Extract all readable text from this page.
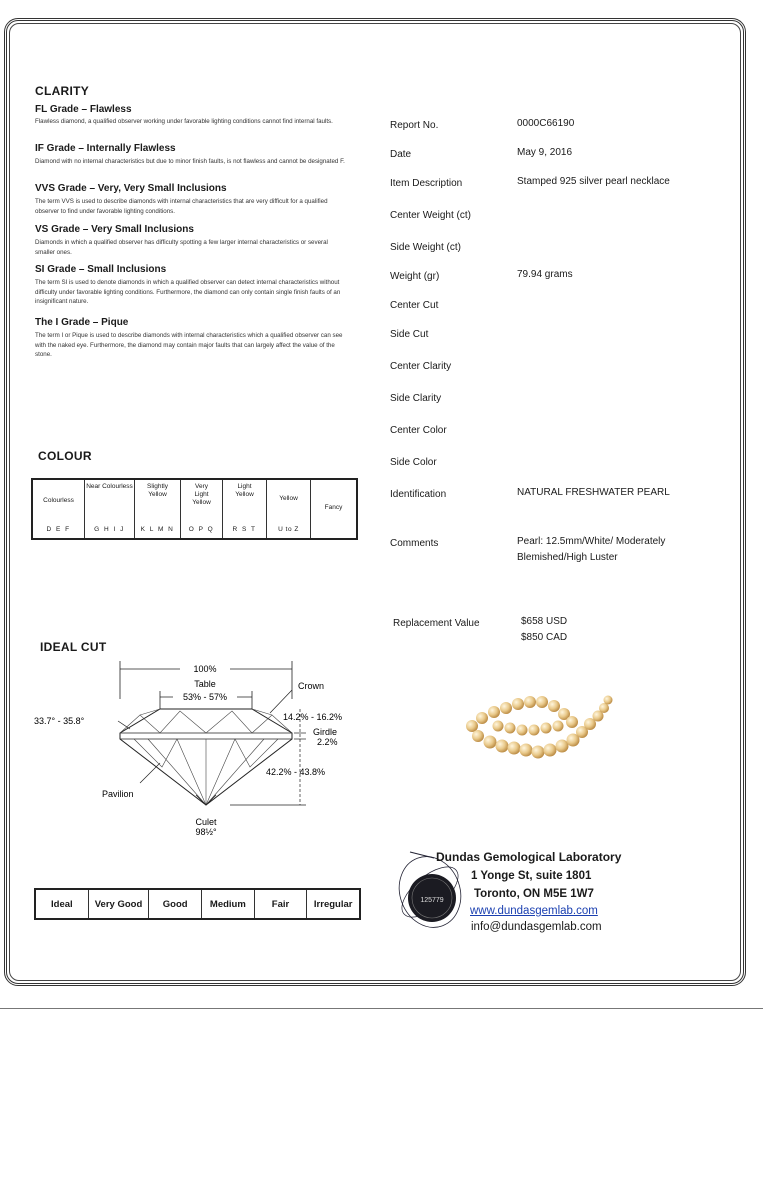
CLARITY
FL Grade – Flawless
Flawless diamond, a qualified observer working under favorable lighting conditions cannot find internal faults.
IF Grade – Internally Flawless
Diamond with no internal characteristics but due to minor finish faults, is not flawless and cannot be designated F.
VVS Grade – Very, Very Small Inclusions
The term VVS is used to describe diamonds with internal characteristics that are very difficult for a qualified observer to find under favorable lighting conditions.
VS Grade – Very Small Inclusions
Diamonds in which a qualified observer has difficulty spotting a few larger internal characteristics or several smaller ones.
SI Grade – Small Inclusions
The term SI is used to denote diamonds in which a qualified observer can detect internal characteristics without difficulty under favorable lighting conditions. Furthermore, the diamond can only contain single finish faults of an insignificant nature.
The I Grade – Pique
The term I or Pique is used to describe diamonds with internal characteristics which a qualified observer can see with the naked eye. Furthermore, the diamond may contain major faults that can largely affect the value of the stone.
COLOUR
Colourless
D E F
Near Colourless
G H I J
Slightly Yellow
K L M N
Very Light Yellow
O P Q
Light Yellow
R S T
Yellow
U to Z
Fancy
IDEAL CUT
100%
Table
53% - 57%
Crown
33.7° - 35.8°	14.2% - 16.2%
Girdle
2.2%
42.2% - 43.8%
Pavilion
Culet
98½°
Ideal	Very Good	Good	Medium	Fair	Irregular
Report No.	0000C66190
Date	May 9, 2016
Item Description	Stamped 925 silver pearl necklace
Center Weight (ct)
Side Weight (ct)
Weight (gr)	79.94 grams
Center Cut
Side Cut
Center Clarity
Side Clarity
Center Color
Side Color
Identification	NATURAL FRESHWATER PEARL
Comments	Pearl: 12.5mm/White/ Moderately Blemished/High Luster
Replacement Value	$658 USD
$850 CAD
125779
Dundas Gemological Laboratory
1 Yonge St, suite 1801
Toronto, ON M5E 1W7
www.dundasgemlab.com
info@dundasgemlab.com
